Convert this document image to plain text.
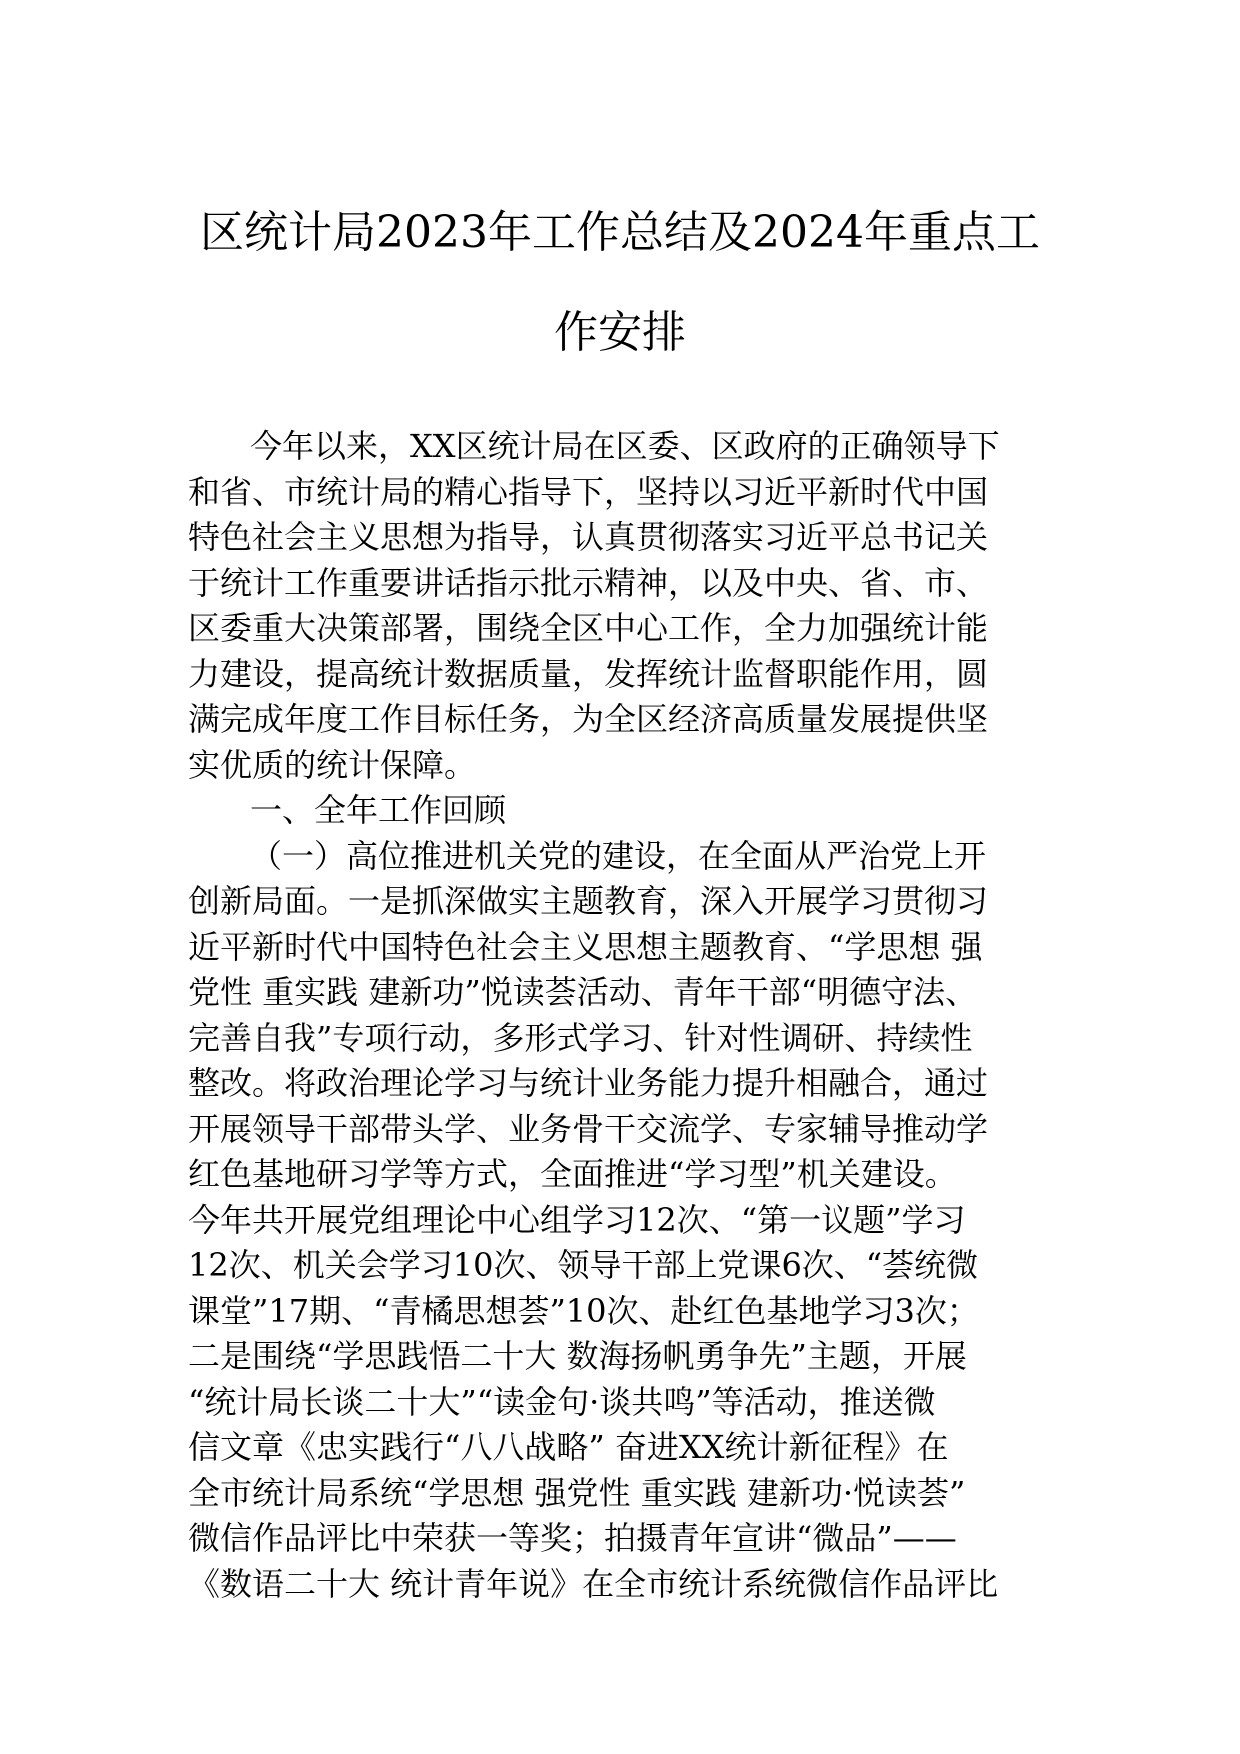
区统计局2023年工作总结及2024年重点工
作安排

今年以来，XX区统计局在区委、区政府的正确领导下
和省、市统计局的精心指导下，坚持以习近平新时代中国
特色社会主义思想为指导，认真贯彻落实习近平总书记关
于统计工作重要讲话指示批示精神，以及中央、省、市、
区委重大决策部署，围绕全区中心工作，全力加强统计能
力建设，提高统计数据质量，发挥统计监督职能作用，圆
满完成年度工作目标任务，为全区经济高质量发展提供坚
实优质的统计保障。

一、全年工作回顾

（一）高位推进机关党的建设，在全面从严治党上开
创新局面。一是抓深做实主题教育，深入开展学习贯彻习
近平新时代中国特色社会主义思想主题教育、“学思想 强
党性 重实践 建新功”悦读荟活动、青年干部“明德守法、
完善自我”专项行动，多形式学习、针对性调研、持续性
整改。将政治理论学习与统计业务能力提升相融合，通过
开展领导干部带头学、业务骨干交流学、专家辅导推动学
红色基地研习学等方式，全面推进“学习型”机关建设。
今年共开展党组理论中心组学习12次、“第一议题”学习
12次、机关会学习10次、领导干部上党课6次、“荟统微
课堂”17期、“青橘思想荟”10次、赴红色基地学习3次；
二是围绕“学思践悟二十大 数海扬帆勇争先”主题，开展
“统计局长谈二十大”“读金句·谈共鸣”等活动，推送微
信文章《忠实践行“八八战略” 奋进XX统计新征程》在
全市统计局系统“学思想 强党性 重实践 建新功·悦读荟”
微信作品评比中荣获一等奖；拍摄青年宣讲“微品”——
《数语二十大 统计青年说》在全市统计系统微信作品评比
